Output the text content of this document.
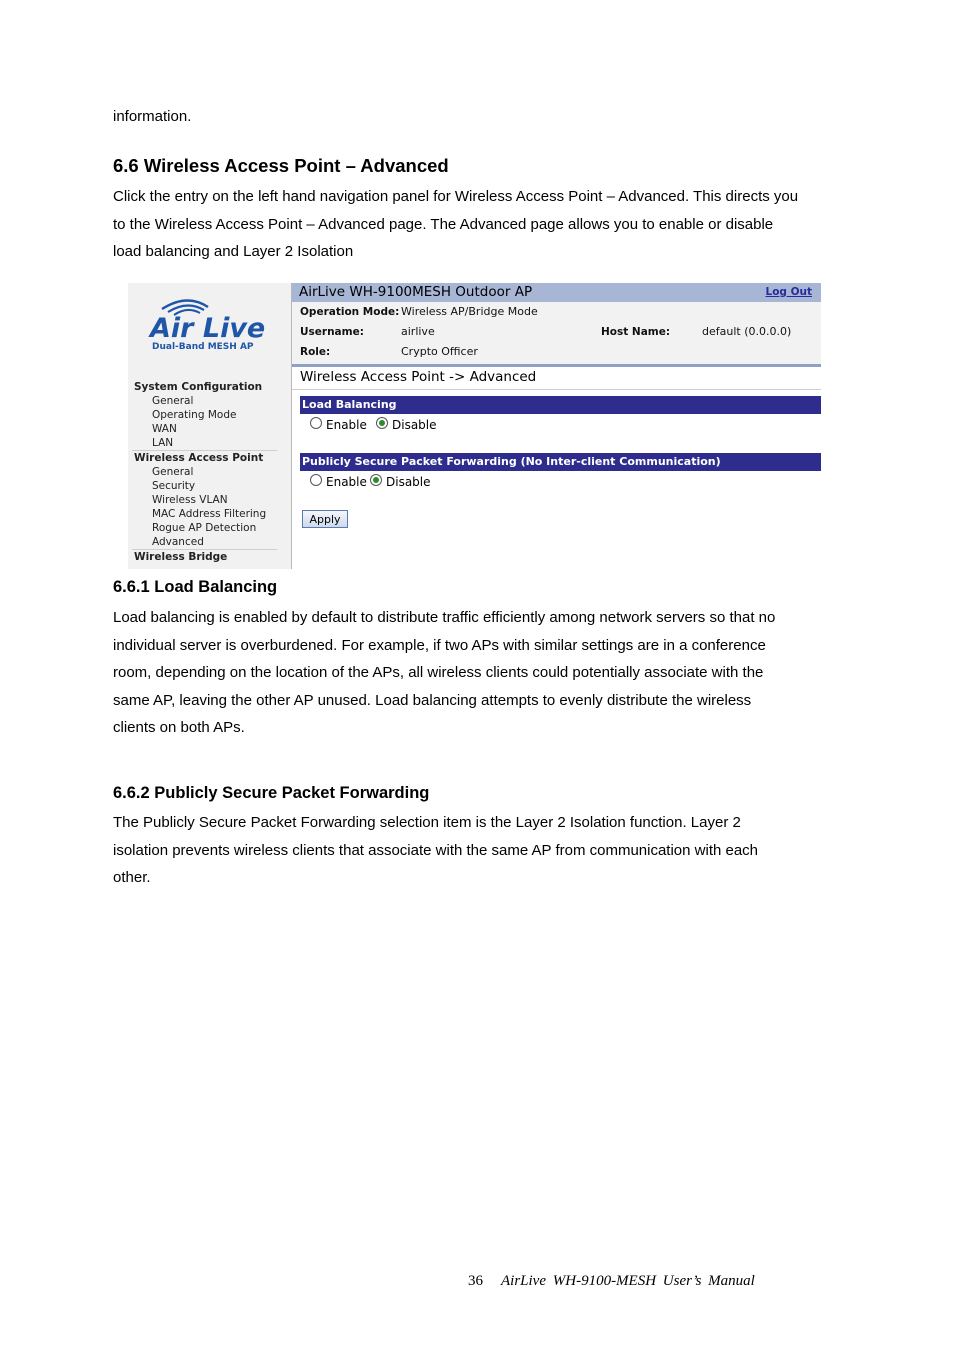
information.
6.6 Wireless Access Point – Advanced
Click the entry on the left hand navigation panel for Wireless Access Point – Advanced. This directs you
to the Wireless Access Point – Advanced page. The Advanced page allows you to enable or disable
load balancing and Layer 2 Isolation
Air Live
Dual-Band MESH AP
System Configuration
General
Operating Mode
WAN
LAN
Wireless Access Point
General
Security
Wireless VLAN
MAC Address Filtering
Rogue AP Detection
Advanced
Wireless Bridge
AirLive WH-9100MESH Outdoor AP	Log Out
Operation Mode: Wireless AP/Bridge Mode
Username:	airlive	Host Name:	default (0.0.0.0)
Role:	Crypto Officer
Wireless Access Point -> Advanced
Load Balancing
Enable Disable
Publicly Secure Packet Forwarding (No Inter-client Communication)
Enable Disable
Apply
6.6.1 Load Balancing
Load balancing is enabled by default to distribute traffic efficiently among network servers so that no
individual server is overburdened. For example, if two APs with similar settings are in a conference
room, depending on the location of the APs, all wireless clients could potentially associate with the
same AP, leaving the other AP unused. Load balancing attempts to evenly distribute the wireless
clients on both APs.
6.6.2 Publicly Secure Packet Forwarding
The Publicly Secure Packet Forwarding selection item is the Layer 2 Isolation function. Layer 2
isolation prevents wireless clients that associate with the same AP from communication with each
other.
36 AirLive WH-9100-MESH User’s Manual
